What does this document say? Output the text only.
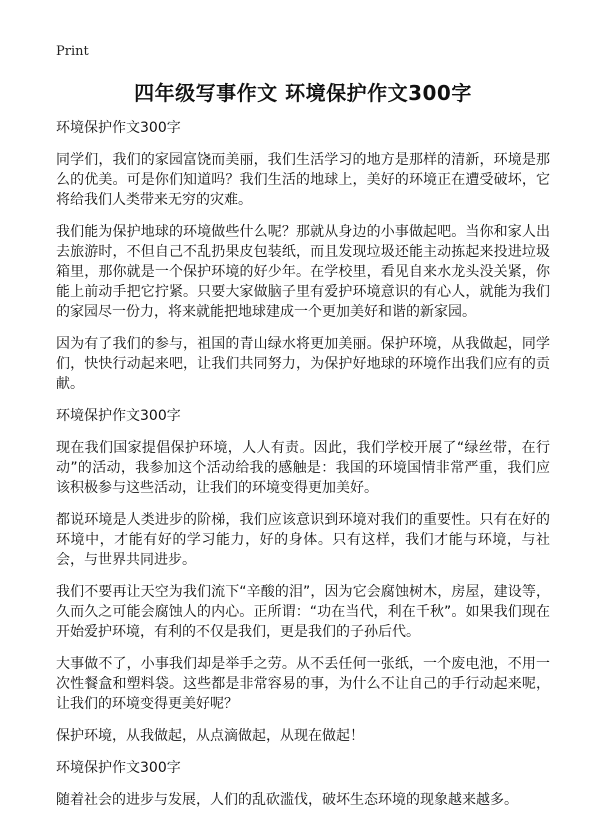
Print
四年级写事作文 环境保护作文300字
环境保护作文300字

同学们，我们的家园富饶而美丽，我们生活学习的地方是那样的清新，环境是那么的优美。可是你们知道吗？我们生活的地球上，美好的环境正在遭受破坏，它将给我们人类带来无穷的灾难。

我们能为保护地球的环境做些什么呢？那就从身边的小事做起吧。当你和家人出去旅游时，不但自己不乱扔果皮包装纸，而且发现垃圾还能主动拣起来投进垃圾箱里，那你就是一个保护环境的好少年。在学校里，看见自来水龙头没关紧，你能上前动手把它拧紧。只要大家做脑子里有爱护环境意识的有心人，就能为我们的家园尽一份力，将来就能把地球建成一个更加美好和谐的新家园。

因为有了我们的参与，祖国的青山绿水将更加美丽。保护环境，从我做起，同学们，快快行动起来吧，让我们共同努力，为保护好地球的环境作出我们应有的贡献。

环境保护作文300字

现在我们国家提倡保护环境，人人有责。因此，我们学校开展了“绿丝带，在行动”的活动，我参加这个活动给我的感触是：我国的环境国情非常严重，我们应该积极参与这些活动，让我们的环境变得更加美好。

都说环境是人类进步的阶梯，我们应该意识到环境对我们的重要性。只有在好的环境中，才能有好的学习能力，好的身体。只有这样，我们才能与环境，与社会，与世界共同进步。

我们不要再让天空为我们流下“辛酸的泪”，因为它会腐蚀树木，房屋，建设等，久而久之可能会腐蚀人的内心。正所谓：“功在当代，利在千秋”。如果我们现在开始爱护环境，有利的不仅是我们，更是我们的子孙后代。

大事做不了，小事我们却是举手之劳。从不丢任何一张纸，一个废电池，不用一次性餐盒和塑料袋。这些都是非常容易的事，为什么不让自己的手行动起来呢，让我们的环境变得更美好呢？

保护环境，从我做起，从点滴做起，从现在做起！

环境保护作文300字

随着社会的进步与发展，人们的乱砍滥伐，破坏生态环境的现象越来越多。
